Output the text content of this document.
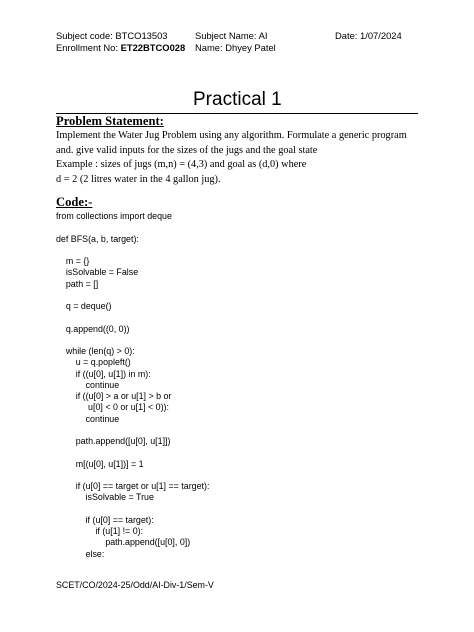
Subject code: BTCO13503	Subject Name: AI	Date: 1/07/2024
Enrollment No: ET22BTCO028 Name: Dhyey Patel
Practical 1
Problem Statement:
Implement the Water Jug Problem using any algorithm. Formulate a generic program
and. give valid inputs for the sizes of the jugs and the goal state
Example : sizes of jugs (m,n) = (4,3) and goal as (d,0) where
d = 2 (2 litres water in the 4 gallon jug).
Code:-
from collections import deque
def BFS(a, b, target):
m = {}
isSolvable = False
path = []
q = deque()
q.append((0, 0))
while (len(q) > 0):
u = q.popleft()
if ((u[0], u[1]) in m):
continue
if ((u[0] > a or u[1] > b or
u[0] < 0 or u[1] < 0)):
continue
path.append([u[0], u[1]])
m[(u[0], u[1])] = 1
if (u[0] == target or u[1] == target):
isSolvable = True
if (u[0] == target):
if (u[1] != 0):
path.append([u[0], 0])
else:
SCET/CO/2024-25/Odd/AI-Div-1/Sem-V
